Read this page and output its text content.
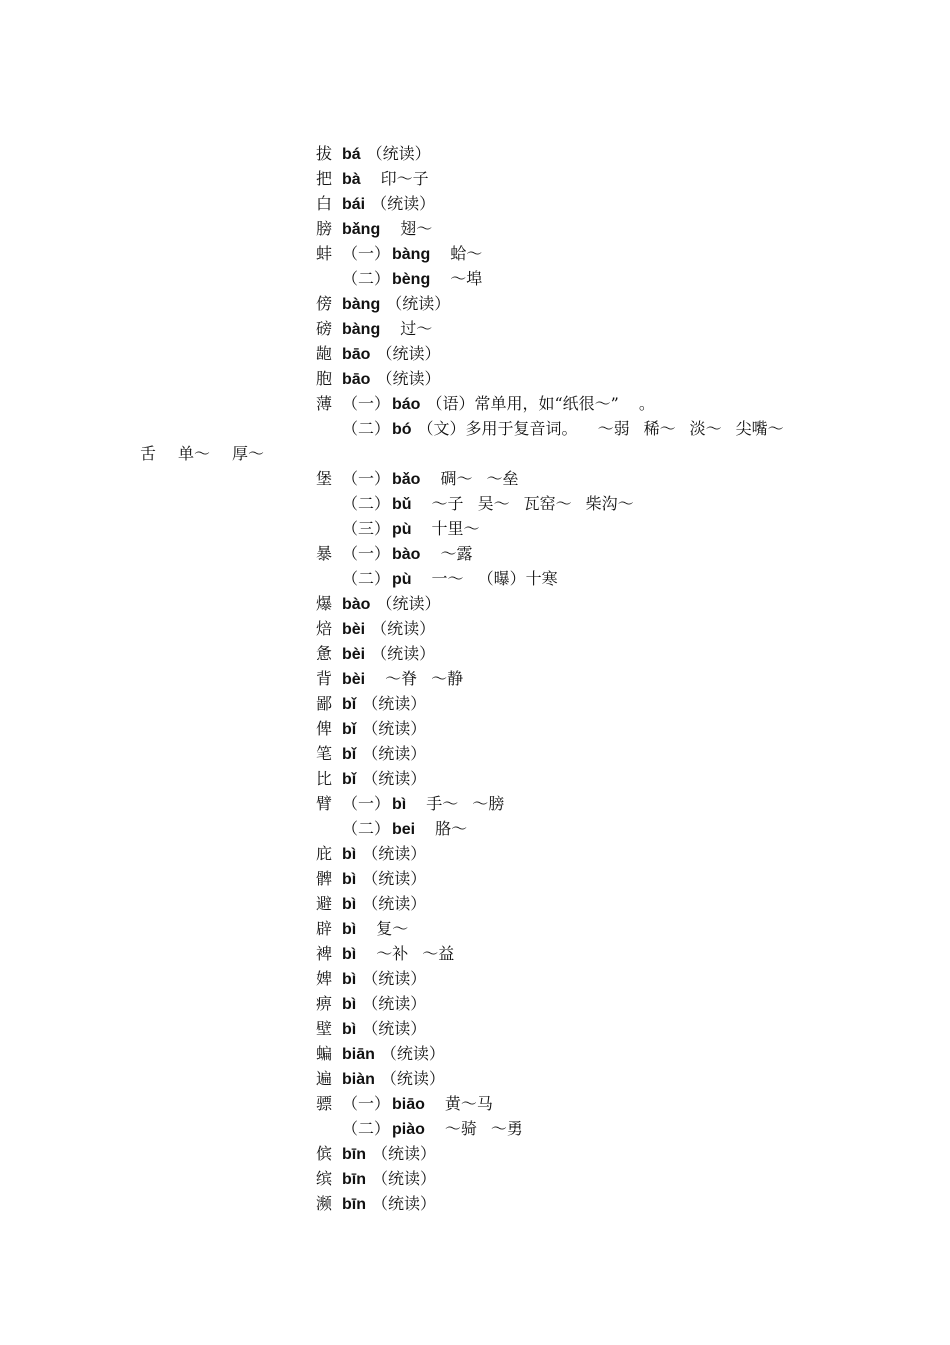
拔 bá （统读）
把 bà 印～子
白 bái （统读）
膀 bǎng 翅～
蚌 （一） bàng 蛤～
（二） bèng ～埠
傍 bàng （统读）
磅 bàng 过～
龅 bāo （统读）
胞 bāo （统读）
薄 （一） báo （语）常单用，如“纸很～” 。
（二） bó （文）多用于复音词。 ～弱 稀～ 淡～ 尖嘴～
舌 单～ 厚～
堡 （一） bǎo 碉～ ～垒
（二） bǔ ～子 吴～ 瓦窑～ 柴沟～
（三） pù 十里～
暴 （一） bào ～露
（二） pù 一～ （曝）十寒
爆 bào （统读）
焙 bèi （统读）
惫 bèi （统读）
背 bèi ～脊 ～静
鄙 bǐ （统读）
俾 bǐ （统读）
笔 bǐ （统读）
比 bǐ （统读）
臂 （一） bì 手～ ～膀
（二） bei 胳～
庇 bì （统读）
髀 bì （统读）
避 bì （统读）
辟 bì 复～
裨 bì ～补 ～益
婢 bì （统读）
痹 bì （统读）
壁 bì （统读）
蝙 biān （统读）
遍 biàn （统读）
骠 （一） biāo 黄～马
（二） piào ～骑 ～勇
傧 bīn （统读）
缤 bīn （统读）
濒 bīn （统读）
